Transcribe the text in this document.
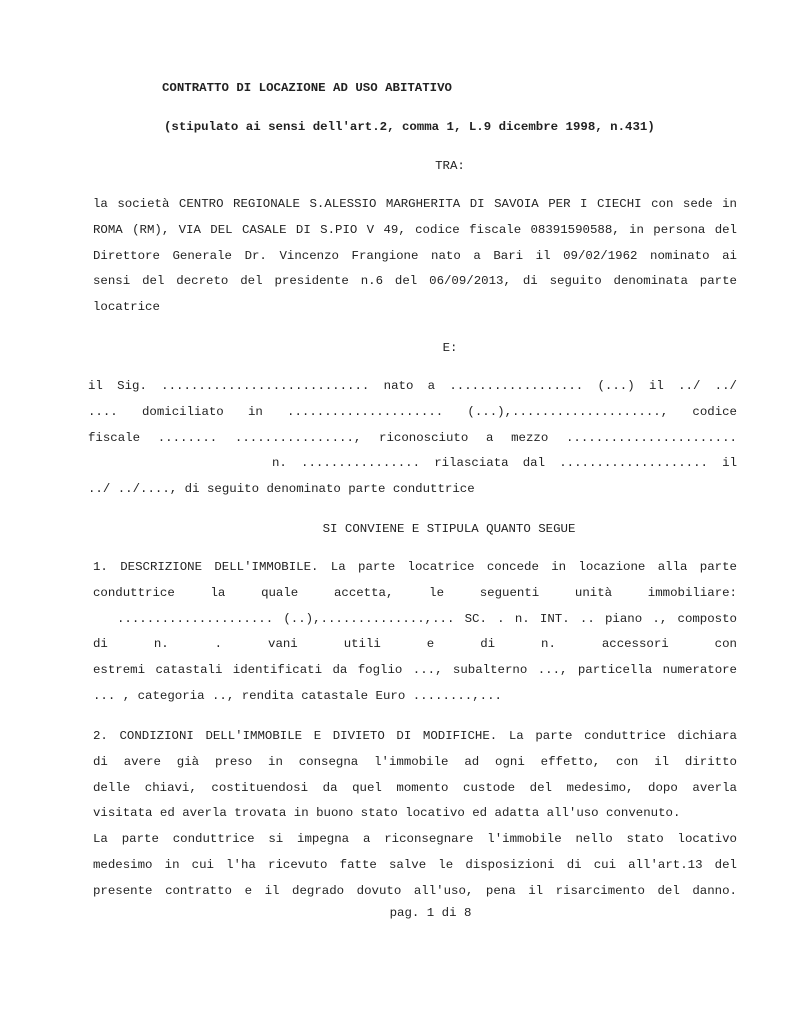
CONTRATTO DI LOCAZIONE AD USO ABITATIVO
(stipulato ai sensi dell'art.2, comma 1, L.9 dicembre 1998, n.431)
TRA:
la società CENTRO REGIONALE S.ALESSIO MARGHERITA DI SAVOIA PER I CIECHI con sede in
ROMA (RM), VIA DEL CASALE DI S.PIO V 49, codice fiscale 08391590588, in persona del
Direttore Generale Dr. Vincenzo Frangione nato a Bari il 09/02/1962 nominato ai
sensi del decreto del presidente n.6 del 06/09/2013, di seguito denominata parte
locatrice
E:
il Sig. ............................ nato a .................. (...) il ../ ../
.... domiciliato in ..................... (...),...................., codice
fiscale ........ ................, riconosciuto a mezzo .......................
n. ................ rilasciata dal .................... il
../ ../...., di seguito denominato parte conduttrice
SI CONVIENE E STIPULA QUANTO SEGUE
1. DESCRIZIONE DELL'IMMOBILE. La parte locatrice concede in locazione alla parte
conduttrice la quale accetta, le seguenti unità immobiliare:
..................... (..),..............,... SC. . n. INT. .. piano ., composto
di n. . vani utili e di n. accessori con
estremi catastali identificati da foglio ..., subalterno ..., particella numeratore
... , categoria .., rendita catastale Euro ........,...
2. CONDIZIONI DELL'IMMOBILE E DIVIETO DI MODIFICHE. La parte conduttrice dichiara
di avere già preso in consegna l'immobile ad ogni effetto, con il diritto
delle chiavi, costituendosi da quel momento custode del medesimo, dopo averla
visitata ed averla trovata in buono stato locativo ed adatta all'uso convenuto.
La parte conduttrice si impegna a riconsegnare l'immobile nello stato locativo
medesimo in cui l'ha ricevuto fatte salve le disposizioni di cui all'art.13 del
presente contratto e il degrado dovuto all'uso, pena il risarcimento del danno.
pag. 1 di 8
